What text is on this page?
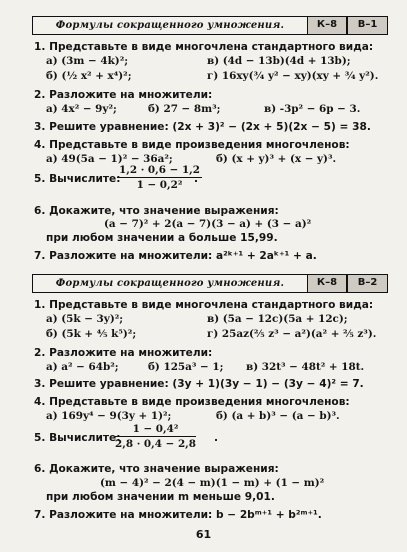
Формулы сокращенного умножения.	К–8	В–1
1. Представьте в виде многочлена стандартного вида:
а) (3m − 4k)²;	в) (4d − 13b)(4d + 13b);
б) (½ x² + x⁴)²;	г) 16xy(¾ y² − xy)(xy + ¾ y²).
2. Разложите на множители:
а) 4x² − 9y²;	б) 27 − 8m³;	в) -3p² − 6p − 3.
3. Решите уравнение: (2x + 3)² − (2x + 5)(2x − 5) = 38.
4. Представьте в виде произведения многочленов:
а) 49(5a − 1)² − 36a²;	б) (x + y)³ + (x − y)³.
5. Вычислите:
$\frac{1,2 \cdot 0,6 - 1,2}{\text{1 − 0,2²}}$
.
6. Докажите, что значение выражения:
(a − 7)² + 2(a − 7)(3 − a) + (3 − a)²
при любом значении a больше 15,99.
7. Разложите на множители: a²ᵏ⁺¹ + 2aᵏ⁺¹ + a.
Формулы сокращенного умножения.	К–8	В–2
1. Представьте в виде многочлена стандартного вида:
а) (5k − 3y)²;	в) (5a − 12c)(5a + 12c);
б) (5k + ⅘ k⁵)²;	г) 25az(⅖ z³ − a²)(a² + ⅖ z³).
2. Разложите на множители:
а) a² − 64b²;	б) 125a³ − 1; в) 32t³ − 48t² + 18t.
3. Решите уравнение: (3y + 1)(3y − 1) − (3y − 4)² = 7.
4. Представьте в виде произведения многочленов:
а) 169y⁴ − 9(3y + 1)²;	б) (a + b)³ − (a − b)³.
5. Вычислите:
$\frac{\text{1 − 0,4²}}{2,8 \cdot 0,4 - 2,8}$ .
6. Докажите, что значение выражения:
(m − 4)² − 2(4 − m)(1 − m) + (1 − m)²
при любом значении m меньше 9,01.
7. Разложите на множители: b − 2bᵐ⁺¹ + b²ᵐ⁺¹.
61
